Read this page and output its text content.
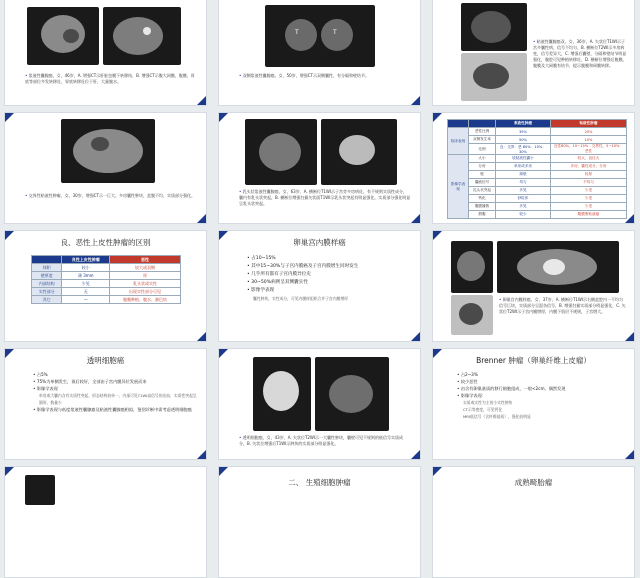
• 浆液性囊腺癌，女，46岁，A. 增强CT示肝脏包膜下转移结，B. 增强CT示腹大网膜，腹膜，胃底等部位多发转移灶，胃底转移灶位于肝，大量腹水。
T	T
• 双侧浆液性囊腺癌，女，50岁，增强CT示双侧囊性，有分隔和壁结节。
• 粘液性囊腺癌双，女，36岁，A. 矢状位T1WI示子宫多囊性病，信号不均匀，B. 横断位T2WI示多房病变，信号差异大，C. 增强后囊壁、分隔和壁结节明显强化，腹腔可见种植转移灶，D. 横断位增强后腹膜，腹膜及大网膜有结节，提示腹膜和网膜转移。
• 交界性粘液性肿瘤，女，30岁，增强CT示一巨大、多房囊性肿块，盆腹不均，实质部分强化。
• 乳头状浆液性囊腺癌，女，63岁，A. 横断位T1WI示子宫旁多房病灶，有不规则实质性成分，囊内有乳头状突起，B. 横断位增强扫描矢状面T1WI示乳头状突起有明显强化，实质部分强化明显呈乳头状突起。
		浆液性肿瘤	粘液性肿瘤
临床表现	恶性比例	35%	20%
	双侧发生率	50%	10%
	比例	良：交界：恶 60%：10%：30%	良性80%，10~15%：交界性，5~10%：恶性
影像学表现	大小	较粘液性囊小	较大，直径大
	分房	单房或多房	多房，囊性成分，分房
	壁	薄壁	较厚
	囊液信号	均匀	不均匀
	乳头状突起	多见	少见
	钙化	砂粒体	少见
	腹膜播散	多见	少见
	假腹	较少	腹膜假粘液瘤
良、恶性上皮性肿瘤的区别
	良性上皮性肿瘤	恶性
体积	较小	较大或双侧
壁厚度	薄 3mm	厚
内部结构	少见	乳头状或实性
实性部分	无	出现实性部分可见
其它	—	腹膜种植、腹水、淋巴结
卵巢宫内膜样癌
• 占10~15%
• 其中15~30%与子宫内膜癌及子宫内膜增生同时发生
• 几乎所有都有子宫内膜异位史
• 30~50%病例呈双侧囊实性
• 影像学表现
囊性肿块，实性成分，可见内膜样组织合并子宫内膜增厚	• 卵巢宫内膜样癌，女，37岁，A. 横断位T1WI示右侧盆腔内一不均匀信号巨块，实质部分呈混杂信号，B. 增强扫描实质部分明显强化，C. 矢状位T2WI示子宫内膜增厚，内膜下肌层不规则，子宫增大。
透明细胞癌
• 占5%
• 75%为单侧发生，预后较好，全部由子宫内膜异位发展而来
• 影像学表现
单房或大囊内含有实质性突起，形态结构较单一，内部可见T1WI高信号的出血，实质性突起呈圆形，数量少
• 影像学表现与低度浆液性囊腺癌及粘液性囊腺癌相似，鉴别诊断中需考虑透明细胞癌
• 透明细胞癌，女，43岁，A. 矢状位T2WI示一大囊性肿块，囊壁可见不规则的低信号实质成分，B. 矢状位增强后T1WI示肿块的实质部分明显强化。
Brenner 肿瘤（卵巢纤维上皮瘤）
• 占2~3%
• 较少恶性
• 由含有卵巢基质的移行细胞组成，一般<2cm，偶然发现
• 影像学表现：
实质或实性为主的小实性肿块
CT示等密度，可见钙化
MRI低信号（含纤维基质），强化较明显
二、 生殖细胞肿瘤	成熟畸胎瘤
